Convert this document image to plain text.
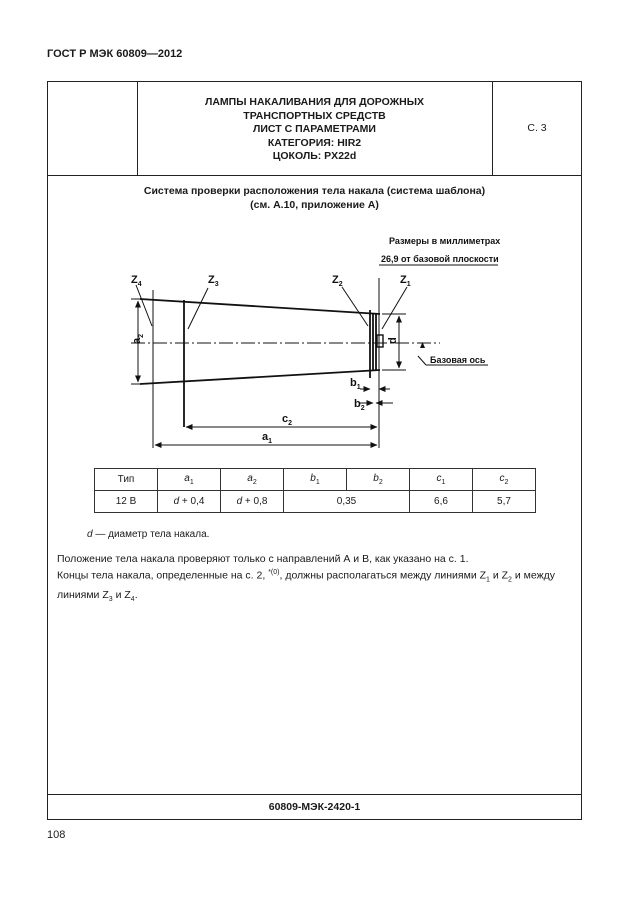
ГОСТ Р МЭК 60809—2012
ЛАМПЫ НАКАЛИВАНИЯ ДЛЯ ДОРОЖНЫХ
ТРАНСПОРТНЫХ СРЕДСТВ
ЛИСТ С ПАРАМЕТРАМИ
КАТЕГОРИЯ: HIR2
ЦОКОЛЬ: PX22d
С. 3
Система проверки расположения тела накала (система шаблона)
(см. А.10, приложение А)
Размеры в миллиметрах
26,9 от базовой плоскости
Базовая ось
$Z_4$	$Z_3$	$Z_2$	$Z_1$
$a_2$
d
$b_1$
$b_2$
$c_2$
$a_1$
Тип	$a_1$	$a_2$	$b_1$	$b_2$	$c_1$	$c_2$
12 В	d + 0,4	d + 0,8	0,35		6,6	5,7
d — диаметр тела накала.
Положение тела накала проверяют только с направлений А и В, как указано на с. 1.
Концы тела накала, определенные на с. 2, $^{*(0)}$, должны располагаться между линиями $Z_1$ и $Z_2$ и между
линиями $Z_3$ и $Z_4$.
60809-МЭК-2420-1
108
